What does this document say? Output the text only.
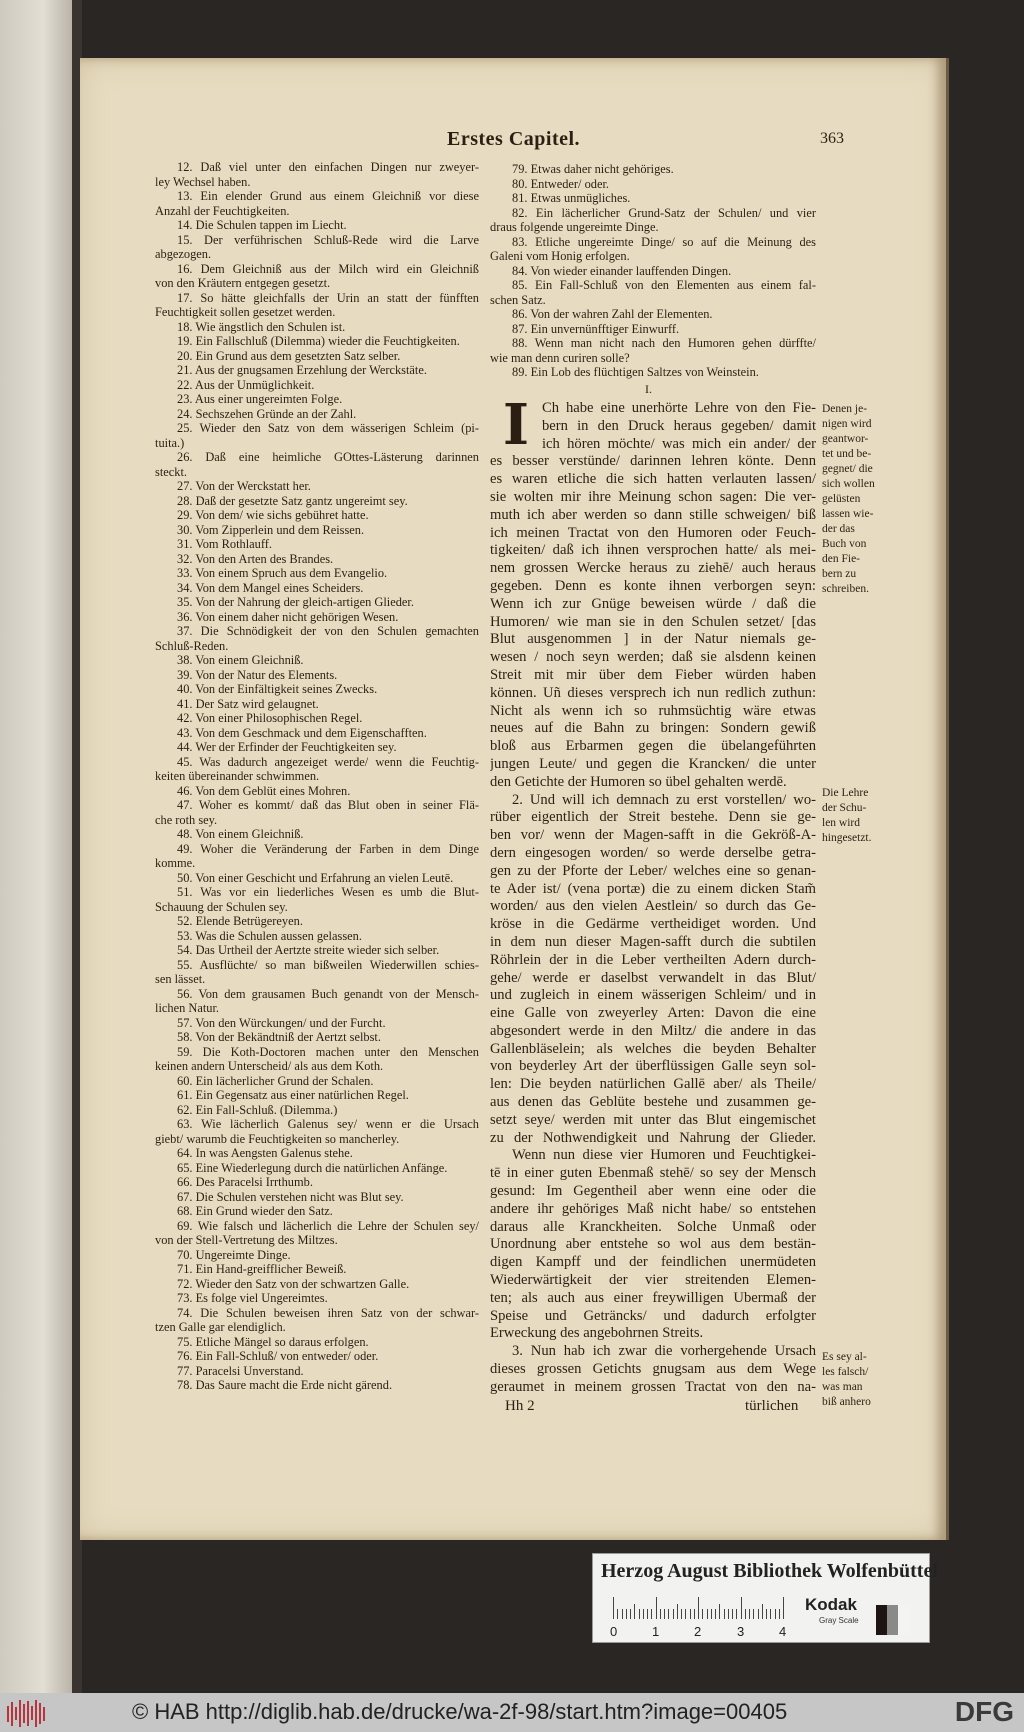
Erstes Capitel.	363
12. Daß viel unter den einfachen Dingen nur zweyer-
ley Wechsel haben.
13. Ein elender Grund aus einem Gleichniß vor diese
Anzahl der Feuchtigkeiten.
14. Die Schulen tappen im Liecht.
15. Der verführischen Schluß-Rede wird die Larve
abgezogen.
16. Dem Gleichniß aus der Milch wird ein Gleichniß
von den Kräutern entgegen gesetzt.
17. So hätte gleichfalls der Urin an statt der fünfften
Feuchtigkeit sollen gesetzet werden.
18. Wie ängstlich den Schulen ist.
19. Ein Fallschluß (Dilemma) wieder die Feuchtigkeiten.
20. Ein Grund aus dem gesetzten Satz selber.
21. Aus der gnugsamen Erzehlung der Werckstäte.
22. Aus der Unmüglichkeit.
23. Aus einer ungereimten Folge.
24. Sechszehen Gründe an der Zahl.
25. Wieder den Satz von dem wässerigen Schleim (pi-
tuita.)
26. Daß eine heimliche GOttes-Lästerung darinnen
steckt.
27. Von der Werckstatt her.
28. Daß der gesetzte Satz gantz ungereimt sey.
29. Von dem/ wie sichs gebühret hatte.
30. Vom Zipperlein und dem Reissen.
31. Vom Rothlauff.
32. Von den Arten des Brandes.
33. Von einem Spruch aus dem Evangelio.
34. Von dem Mangel eines Scheiders.
35. Von der Nahrung der gleich-artigen Glieder.
36. Von einem daher nicht gehörigen Wesen.
37. Die Schnödigkeit der von den Schulen gemachten
Schluß-Reden.
38. Von einem Gleichniß.
39. Von der Natur des Elements.
40. Von der Einfältigkeit seines Zwecks.
41. Der Satz wird gelaugnet.
42. Von einer Philosophischen Regel.
43. Von dem Geschmack und dem Eigenschafften.
44. Wer der Erfinder der Feuchtigkeiten sey.
45. Was dadurch angezeiget werde/ wenn die Feuchtig-
keiten übereinander schwimmen.
46. Von dem Geblüt eines Mohren.
47. Woher es kommt/ daß das Blut oben in seiner Flä-
che roth sey.
48. Von einem Gleichniß.
49. Woher die Veränderung der Farben in dem Dinge
komme.
50. Von einer Geschicht und Erfahrung an vielen Leutē.
51. Was vor ein liederliches Wesen es umb die Blut-
Schauung der Schulen sey.
52. Elende Betrügereyen.
53. Was die Schulen aussen gelassen.
54. Das Urtheil der Aertzte streite wieder sich selber.
55. Ausflüchte/ so man bißweilen Wiederwillen schies-
sen lässet.
56. Von dem grausamen Buch genandt von der Mensch-
lichen Natur.
57. Von den Würckungen/ und der Furcht.
58. Von der Bekändtniß der Aertzt selbst.
59. Die Koth-Doctoren machen unter den Menschen
keinen andern Unterscheid/ als aus dem Koth.
60. Ein lächerlicher Grund der Schalen.
61. Ein Gegensatz aus einer natürlichen Regel.
62. Ein Fall-Schluß. (Dilemma.)
63. Wie lächerlich Galenus sey/ wenn er die Ursach
giebt/ warumb die Feuchtigkeiten so mancherley.
64. In was Aengsten Galenus stehe.
65. Eine Wiederlegung durch die natürlichen Anfänge.
66. Des Paracelsi Irrthumb.
67. Die Schulen verstehen nicht was Blut sey.
68. Ein Grund wieder den Satz.
69. Wie falsch und lächerlich die Lehre der Schulen sey/
von der Stell-Vertretung des Miltzes.
70. Ungereimte Dinge.
71. Ein Hand-greifflicher Beweiß.
72. Wieder den Satz von der schwartzen Galle.
73. Es folge viel Ungereimtes.
74. Die Schulen beweisen ihren Satz von der schwar-
tzen Galle gar elendiglich.
75. Etliche Mängel so daraus erfolgen.
76. Ein Fall-Schluß/ von entweder/ oder.
77. Paracelsi Unverstand.
78. Das Saure macht die Erde nicht gärend.
79. Etwas daher nicht gehöriges.
80. Entweder/ oder.
81. Etwas unmügliches.
82. Ein lächerlicher Grund-Satz der Schulen/ und vier
draus folgende ungereimte Dinge.
83. Etliche ungereimte Dinge/ so auf die Meinung des
Galeni vom Honig erfolgen.
84. Von wieder einander lauffenden Dingen.
85. Ein Fall-Schluß von den Elementen aus einem fal-
schen Satz.
86. Von der wahren Zahl der Elementen.
87. Ein unvernünfftiger Einwurff.
88. Wenn man nicht nach den Humoren gehen dürffte/
wie man denn curiren solle?
89. Ein Lob des flüchtigen Saltzes von Weinstein.
I.
I Ch habe eine unerhörte Lehre von den Fie-
bern in den Druck heraus gegeben/ damit
ich hören möchte/ was mich ein ander/ der
es besser verstünde/ darinnen lehren könte. Denn
es waren etliche die sich hatten verlauten lassen/
sie wolten mir ihre Meinung schon sagen: Die ver-
muth ich aber werden so dann stille schweigen/ biß
ich meinen Tractat von den Humoren oder Feuch-
tigkeiten/ daß ich ihnen versprochen hatte/ als mei-
nem grossen Wercke heraus zu ziehē/ auch heraus
gegeben. Denn es konte ihnen verborgen seyn:
Wenn ich zur Gnüge beweisen würde / daß die
Humoren/ wie man sie in den Schulen setzet/ [das
Blut ausgenommen ] in der Natur niemals ge-
wesen / noch seyn werden; daß sie alsdenn keinen
Streit mit mir über dem Fieber würden haben
können. Uñ dieses versprech ich nun redlich zuthun:
Nicht als wenn ich so ruhmsüchtig wäre etwas
neues auf die Bahn zu bringen: Sondern gewiß
bloß aus Erbarmen gegen die übelangeführten
jungen Leute/ und gegen die Krancken/ die unter
den Getichte der Humoren so übel gehalten werdē.
2. Und will ich demnach zu erst vorstellen/ wo-
rüber eigentlich der Streit bestehe. Denn sie ge-
ben vor/ wenn der Magen-safft in die Gekröß-A-
dern eingesogen worden/ so werde derselbe getra-
gen zu der Pforte der Leber/ welches eine so genan-
te Ader ist/ (vena portæ) die zu einem dicken Stam̃
worden/ aus den vielen Aestlein/ so durch das Ge-
kröse in die Gedärme vertheidiget worden. Und
in dem nun dieser Magen-safft durch die subtilen
Röhrlein der in die Leber vertheilten Adern durch-
gehe/ werde er daselbst verwandelt in das Blut/
und zugleich in einem wässerigen Schleim/ und in
eine Galle von zweyerley Arten: Davon die eine
abgesondert werde in den Miltz/ die andere in das
Gallenbläselein; als welches die beyden Behalter
von beyderley Art der überflüssigen Galle seyn sol-
len: Die beyden natürlichen Gallē aber/ als Theile/
aus denen das Geblüte bestehe und zusammen ge-
setzt seye/ werden mit unter das Blut eingemischet
zu der Nothwendigkeit und Nahrung der Glieder.
Wenn nun diese vier Humoren und Feuchtigkei-
tē in einer guten Ebenmaß stehē/ so sey der Mensch
gesund: Im Gegentheil aber wenn eine oder die
andere ihr gehöriges Maß nicht habe/ so entstehen
daraus alle Kranckheiten. Solche Unmaß oder
Unordnung aber entstehe so wol aus dem bestän-
digen Kampff und der feindlichen unermüdeten
Wiederwärtigkeit der vier streitenden Elemen-
ten; als auch aus einer freywilligen Ubermaß der
Speise und Geträncks/ und dadurch erfolgter
Erweckung des angebohrnen Streits.
3. Nun hab ich zwar die vorhergehende Ursach
dieses grossen Getichts gnugsam aus dem Wege
geraumet in meinem grossen Tractat von den na-
Denen je-
nigen wird
geantwor-
tet und be-
gegnet/ die
sich wollen
gelüsten
lassen wie-
der das
Buch von
den Fie-
bern zu
schreiben.
Die Lehre
der Schu-
len wird
hingesetzt.
Es sey al-
les falsch/
was man
biß anhero
Hh 2	türlichen
Herzog August Bibliothek Wolfenbüttel
0	1	2	3	4
Kodak
Gray Scale
© HAB http://diglib.hab.de/drucke/wa-2f-98/start.htm?image=00405	DFG
